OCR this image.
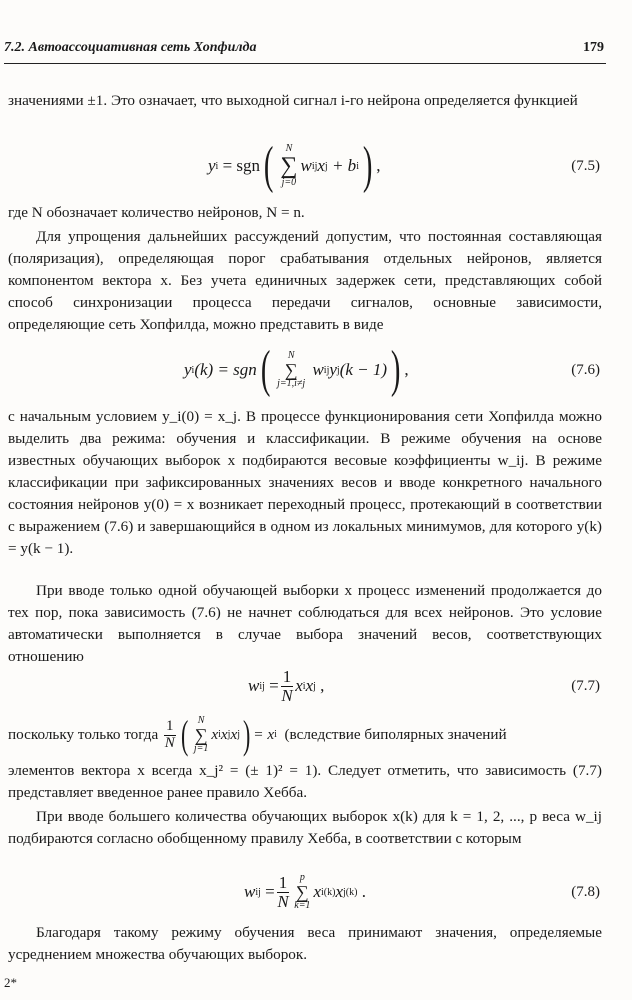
7.2. Автоассоциативная сеть Хопфилда	179

значениями ±1. Это означает, что выходной сигнал i-го нейрона определяется функцией

y i
= sgn ( N
∑
j=0
w ij x j
+ b i ) ,	(7.5)

где N обозначает количество нейронов, N = n.

Для упрощения дальнейших рассуждений допустим, что постоянная составляющая (поляризация), определяющая порог срабатывания отдельных нейронов, является компонентом вектора x. Без учета единичных задержек сети, представляющих собой способ синхронизации процесса передачи сигналов, основные зависимости, определяющие сеть Хопфилда, можно представить в виде

y i (k) = sgn ( N
∑
j=1,i≠j

w ij y j (k − 1) ) ,	(7.6)

с начальным условием y_i(0) = x_j. В процессе функционирования сети Хопфилда можно выделить два режима: обучения и классификации. В режиме обучения на основе известных обучающих выборок x подбираются весовые коэффициенты w_ij. В режиме классификации при зафиксированных значениях весов и вводе конкретного начального состояния нейронов y(0) = x возникает переходный процесс, протекающий в соответствии с выражением (7.6) и завершающийся в одном из локальных минимумов, для которого y(k) = y(k − 1).

При вводе только одной обучающей выборки x процесс изменений продолжается до тех пор, пока зависимость (7.6) не начнет соблюдаться для всех нейронов. Это условие автоматически выполняется в случае выбора значений весов, соответствующих отношению

w ij
= $\frac{1}{N}$ x i x j
,	(7.7)
поскольку только тогда
$\frac{1}{N}$ ( N
∑
j=1
x i x j x j ) = x i
(вследствие биполярных значений

элементов вектора x всегда x_j² = (± 1)² = 1). Следует отметить, что зависимость (7.7) представляет введенное ранее правило Хебба.

При вводе большего количества обучающих выборок x(k) для k = 1, 2, ..., p веса w_ij подбираются согласно обобщенному правилу Хебба, в соответствии с которым

w ij
= $\frac{1}{N}$ p
∑
k=1
x i (k) x j (k)
.	(7.8)

Благодаря такому режиму обучения веса принимают значения, определяемые усреднением множества обучающих выборок.

2*
